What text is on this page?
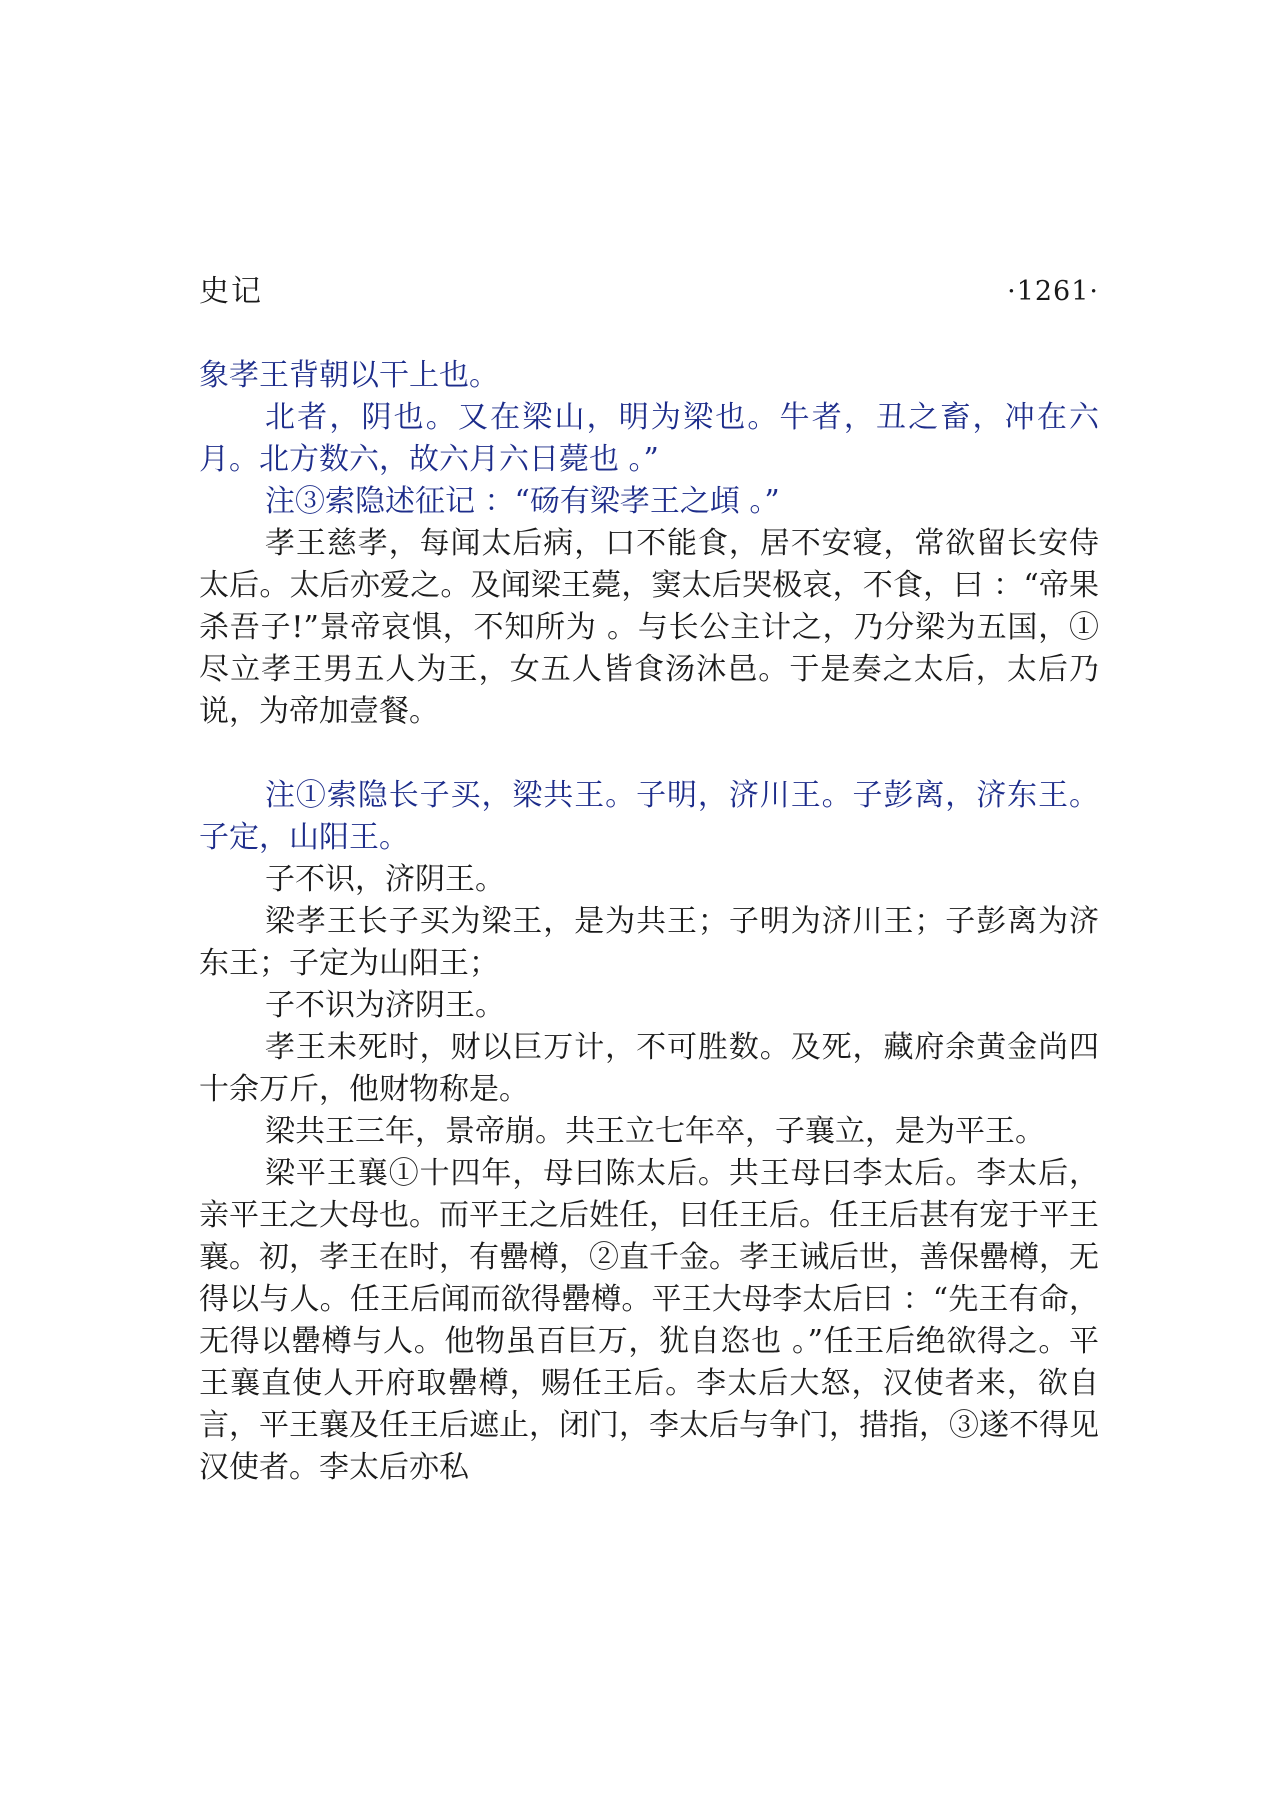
史记	·1261·

象孝王背朝以干上也。

北者，阴也。又在梁山，明为梁也。牛者，丑之畜，冲在六月。北方数六，故六月六日薨也 。”

注③索隐述征记 ：“砀有梁孝王之頉 。”

孝王慈孝，每闻太后病，口不能食，居不安寝，常欲留长安侍太后。太后亦爱之。及闻梁王薨，窦太后哭极哀，不食，曰 ：“帝果杀吾子!”景帝哀惧，不知所为 。与长公主计之，乃分梁为五国，①尽立孝王男五人为王，女五人皆食汤沐邑。于是奏之太后，太后乃说，为帝加壹餐。

注①索隐长子买，梁共王。子明，济川王。子彭离，济东王。子定，山阳王。

子不识，济阴王。

梁孝王长子买为梁王，是为共王；子明为济川王；子彭离为济东王；子定为山阳王；

子不识为济阴王。

孝王未死时，财以巨万计，不可胜数。及死，藏府余黄金尚四十余万斤，他财物称是。

梁共王三年，景帝崩。共王立七年卒，子襄立，是为平王。

梁平王襄①十四年，母曰陈太后。共王母曰李太后。李太后，亲平王之大母也。而平王之后姓任，曰任王后。任王后甚有宠于平王襄。初，孝王在时，有罍樽，②直千金。孝王诫后世，善保罍樽，无得以与人。任王后闻而欲得罍樽。平王大母李太后曰 ：“先王有命，无得以罍樽与人。他物虽百巨万，犹自恣也 。”任王后绝欲得之。平王襄直使人开府取罍樽，赐任王后。李太后大怒，汉使者来，欲自言，平王襄及任王后遮止，闭门，李太后与争门，措指，③遂不得见汉使者。李太后亦私
